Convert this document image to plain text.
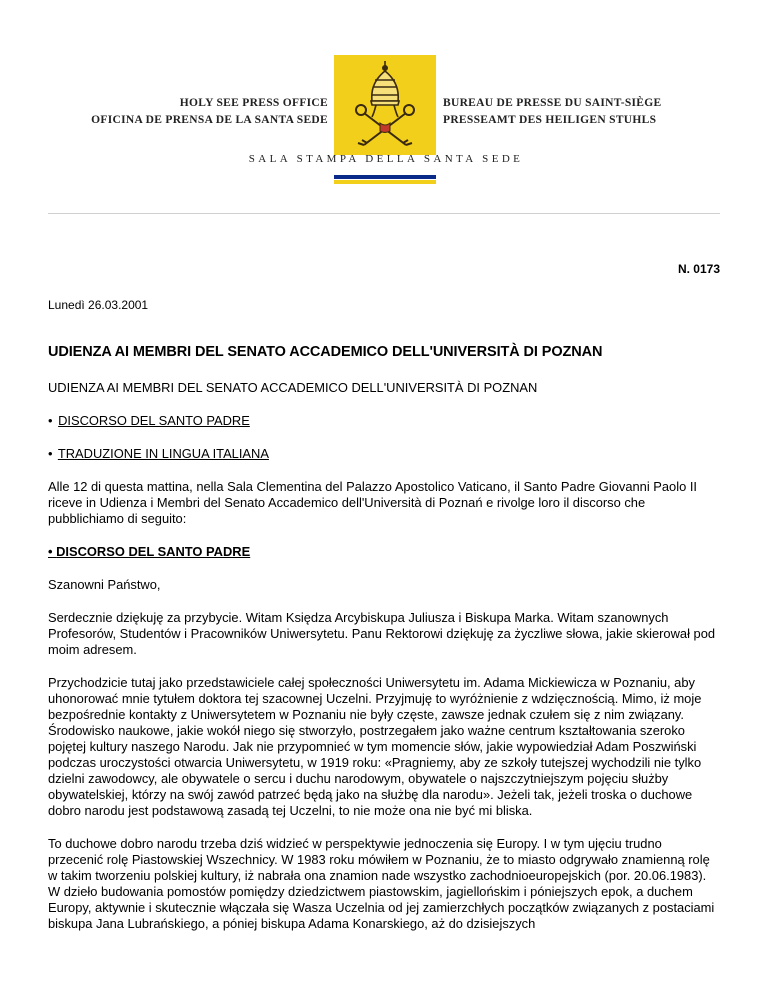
HOLY SEE PRESS OFFICE
OFICINA DE PRENSA DE LA SANTA SEDE
BUREAU DE PRESSE DU SAINT-SIÈGE
PRESSEAMT DES HEILIGEN STUHLS
SALA STAMPA DELLA SANTA SEDE
N. 0173
Lunedì 26.03.2001
UDIENZA AI MEMBRI DEL SENATO ACCADEMICO DELL'UNIVERSITÀ DI POZNAN

UDIENZA AI MEMBRI DEL SENATO ACCADEMICO DELL'UNIVERSITÀ DI POZNAN

• DISCORSO DEL SANTO PADRE

• TRADUZIONE IN LINGUA ITALIANA

Alle 12 di questa mattina, nella Sala Clementina del Palazzo Apostolico Vaticano, il Santo Padre Giovanni Paolo II riceve in Udienza i Membri del Senato Accademico dell'Università di Poznań e rivolge loro il discorso che pubblichiamo di seguito:

• DISCORSO DEL SANTO PADRE

Szanowni Państwo,

Serdecznie dziękuję za przybycie. Witam Księdza Arcybiskupa Juliusza i Biskupa Marka. Witam szanownych Profesorów, Studentów i Pracowników Uniwersytetu. Panu Rektorowi dziękuję za życzliwe słowa, jakie skierował pod moim adresem.

Przychodzicie tutaj jako przedstawiciele całej społeczności Uniwersytetu im. Adama Mickiewicza w Poznaniu, aby uhonorować mnie tytułem doktora tej szacownej Uczelni. Przyjmuję to wyróżnienie z wdzięcznością. Mimo, iż moje bezpośrednie kontakty z Uniwersytetem w Poznaniu nie były częste, zawsze jednak czułem się z nim związany. Środowisko naukowe, jakie wokół niego się stworzyło, postrzegałem jako ważne centrum kształtowania szeroko pojętej kultury naszego Narodu. Jak nie przypomnieć w tym momencie słów, jakie wypowiedział Adam Poszwiński podczas uroczystości otwarcia Uniwersytetu, w 1919 roku: «Pragniemy, aby ze szkoły tutejszej wychodzili nie tylko dzielni zawodowcy, ale obywatele o sercu i duchu narodowym, obywatele o najszczytniejszym pojęciu służby obywatelskiej, którzy na swój zawód patrzeć będą jako na służbę dla narodu». Jeżeli tak, jeżeli troska o duchowe dobro narodu jest podstawową zasadą tej Uczelni, to nie może ona nie być mi bliska.

To duchowe dobro narodu trzeba dziś widzieć w perspektywie jednoczenia się Europy. I w tym ujęciu trudno przecenić rolę Piastowskiej Wszechnicy. W 1983 roku mówiłem w Poznaniu, że to miasto odgrywało znamienną rolę w takim tworzeniu polskiej kultury, iż nabrała ona znamion nade wszystko zachodnioeuropejskich (por. 20.06.1983). W dzieło budowania pomostów pomiędzy dziedzictwem piastowskim, jagiellońskim i póniejszych epok, a duchem Europy, aktywnie i skutecznie włączała się Wasza Uczelnia od jej zamierzchłych początków związanych z postaciami biskupa Jana Lubrańskiego, a póniej biskupa Adama Konarskiego, aż do dzisiejszych
